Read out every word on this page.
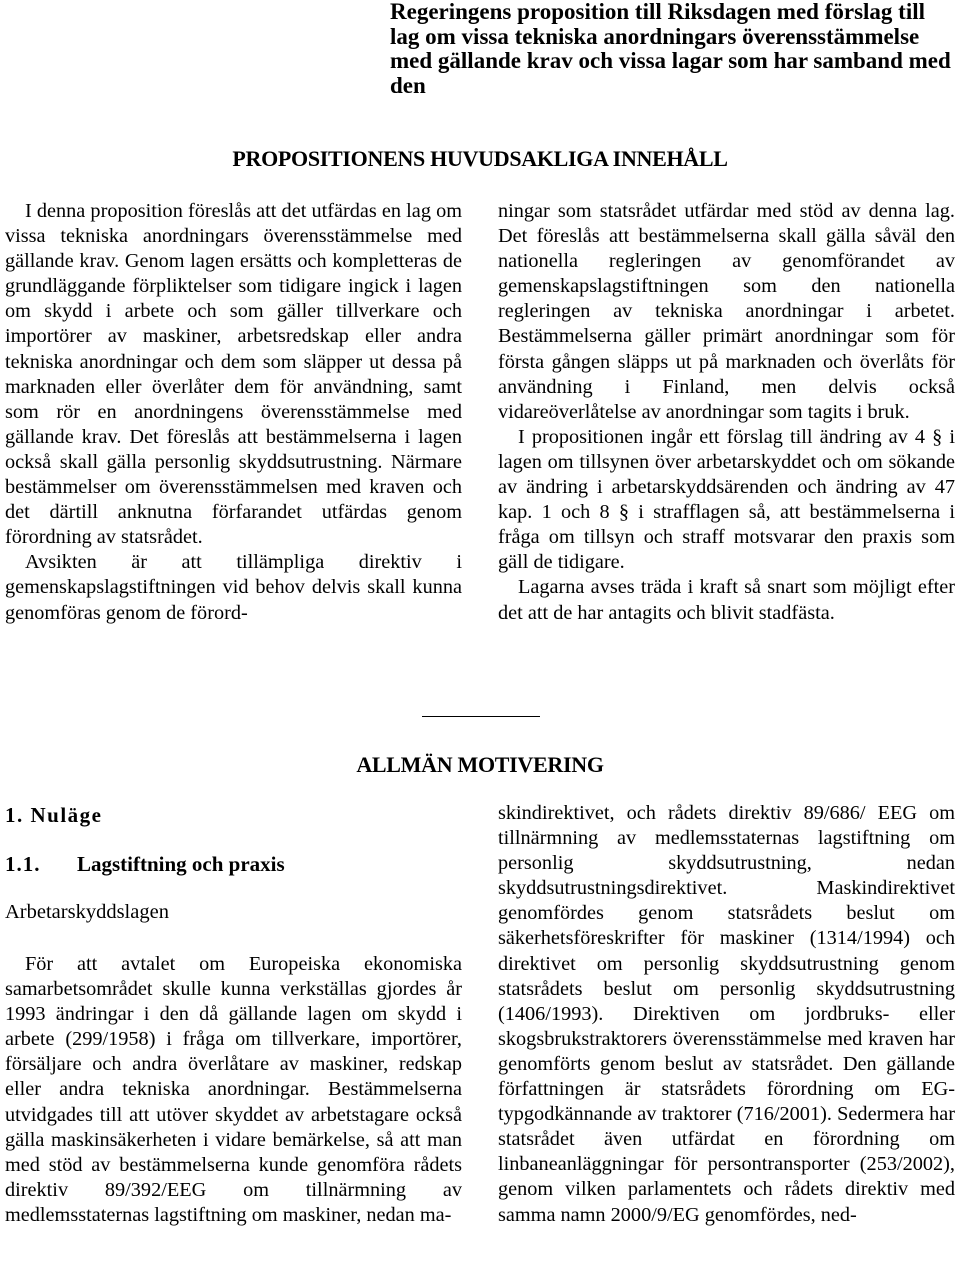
Regeringens proposition till Riksdagen med förslag till lag om vissa tekniska anordningars överensstämmelse med gällande krav och vissa lagar som har samband med den
PROPOSITIONENS HUVUDSAKLIGA INNEHÅLL

I denna proposition föreslås att det utfärdas en lag om vissa tekniska anordningars överensstämmelse med gällande krav. Genom lagen ersätts och kompletteras de grundläggande förpliktelser som tidigare ingick i lagen om skydd i arbete och som gäller tillverkare och importörer av maskiner, arbetsredskap eller andra tekniska anordningar och dem som släpper ut dessa på marknaden eller överlåter dem för användning, samt som rör en anordningens överensstämmelse med gällande krav. Det föreslås att bestämmelserna i lagen också skall gälla personlig skyddsutrustning. Närmare bestämmelser om överensstämmelsen med kraven och det därtill anknutna förfarandet utfärdas genom förordning av statsrådet.

Avsikten är att tillämpliga direktiv i gemenskapslagstiftningen vid behov delvis skall kunna genomföras genom de förord-

ningar som statsrådet utfärdar med stöd av denna lag. Det föreslås att bestämmelserna skall gälla såväl den nationella regleringen av genomförandet av gemenskapslagstiftningen som den nationella regleringen av tekniska anordningar i arbetet. Bestämmelserna gäller primärt anordningar som för första gången släpps ut på marknaden och överlåts för användning i Finland, men delvis också vidareöverlåtelse av anordningar som tagits i bruk.

I propositionen ingår ett förslag till ändring av 4 § i lagen om tillsynen över arbetarskyddet och om sökande av ändring i arbetarskyddsärenden och ändring av 47 kap. 1 och 8 § i strafflagen så, att bestämmelserna i fråga om tillsyn och straff motsvarar den praxis som gäll de tidigare.

Lagarna avses träda i kraft så snart som möjligt efter det att de har antagits och blivit stadfästa.

ALLMÄN MOTIVERING
1. Nuläge
1.1. Lagstiftning och praxis
Arbetarskyddslagen

För att avtalet om Europeiska ekonomiska samarbetsområdet skulle kunna verkställas gjordes år 1993 ändringar i den då gällande lagen om skydd i arbete (299/1958) i fråga om tillverkare, importörer, försäljare och andra överlåtare av maskiner, redskap eller andra tekniska anordningar. Bestämmelserna utvidgades till att utöver skyddet av arbetstagare också gälla maskinsäkerheten i vidare bemärkelse, så att man med stöd av bestämmelserna kunde genomföra rådets direktiv 89/392/EEG om tillnärmning av medlemsstaternas lagstiftning om maskiner, nedan ma-

skindirektivet, och rådets direktiv 89/686/ EEG om tillnärmning av medlemsstaternas lagstiftning om personlig skyddsutrustning, nedan skyddsutrustningsdirektivet. Maskindirektivet genomfördes genom statsrådets beslut om säkerhetsföreskrifter för maskiner (1314/1994) och direktivet om personlig skyddsutrustning genom statsrådets beslut om personlig skyddsutrustning (1406/1993). Direktiven om jordbruks- eller skogsbrukstraktorers överensstämmelse med kraven har genomförts genom beslut av statsrådet. Den gällande författningen är statsrådets förordning om EG-typgodkännande av traktorer (716/2001). Sedermera har statsrådet även utfärdat en förordning om linbaneanläggningar för persontransporter (253/2002), genom vilken parlamentets och rådets direktiv med samma namn 2000/9/EG genomfördes, ned-
